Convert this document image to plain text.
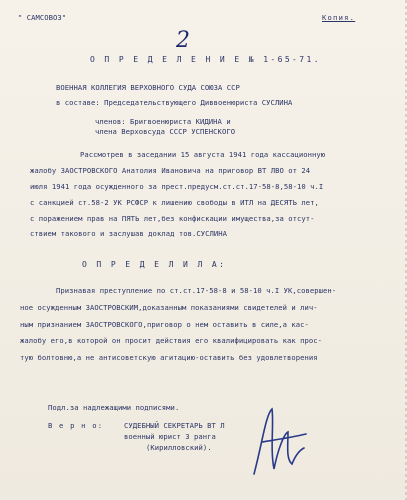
" САМСОВОЗ"	Копия.
2
О П Р Е Д Е Л Е Н И Е № 1-65-71.
ВОЕННАЯ КОЛЛЕГИЯ ВЕРХОВНОГО СУДА СОЮЗА ССР
в составе: Председательствующего Диввоенюриста СУСЛИНА
членов: Бригвоенюриста КИДИНА и
члена Верховсуда СССР УСПЕНСКОГО
Рассмотрев в заседании 15 августа 1941 года кассационную
жалобу ЗАОСТРОВСКОГО Анатолия Ивановича на приговор ВТ ЛВО от 24
июля 1941 года осужденного за прест.предусм.ст.ст.17-58-8,58-10 ч.I
с санкцией ст.58-2 УК РСФСР к лишению свободы в ИТЛ на ДЕСЯТЬ лет,
с поражением прав на ПЯТЬ лет,без конфискации имущества,за отсут-
ствием такового и заслушав доклад тов.СУСЛИНА
О П Р Е Д Е Л И Л А:
Признавая преступление по ст.ст.17-58-8 и 58-10 ч.I УК,совершен-
ное осужденным ЗАОСТРОВСКИМ,доказанным показаниями свидетелей и лич-
ным признанием ЗАОСТРОВСКОГО,приговор о нем оставить в силе,а кас-
жалобу его,в которой он просит действия его квалифицировать как прос-
тую болтовню,а не антисоветскую агитацию-оставить без удовлетворения
Подл.за надлежащими подписями.
В е р н о:	СУДЕБНЫЙ СЕКРЕТАРЬ ВТ Л
военный юрист 3 ранга
(Кирилловский).
